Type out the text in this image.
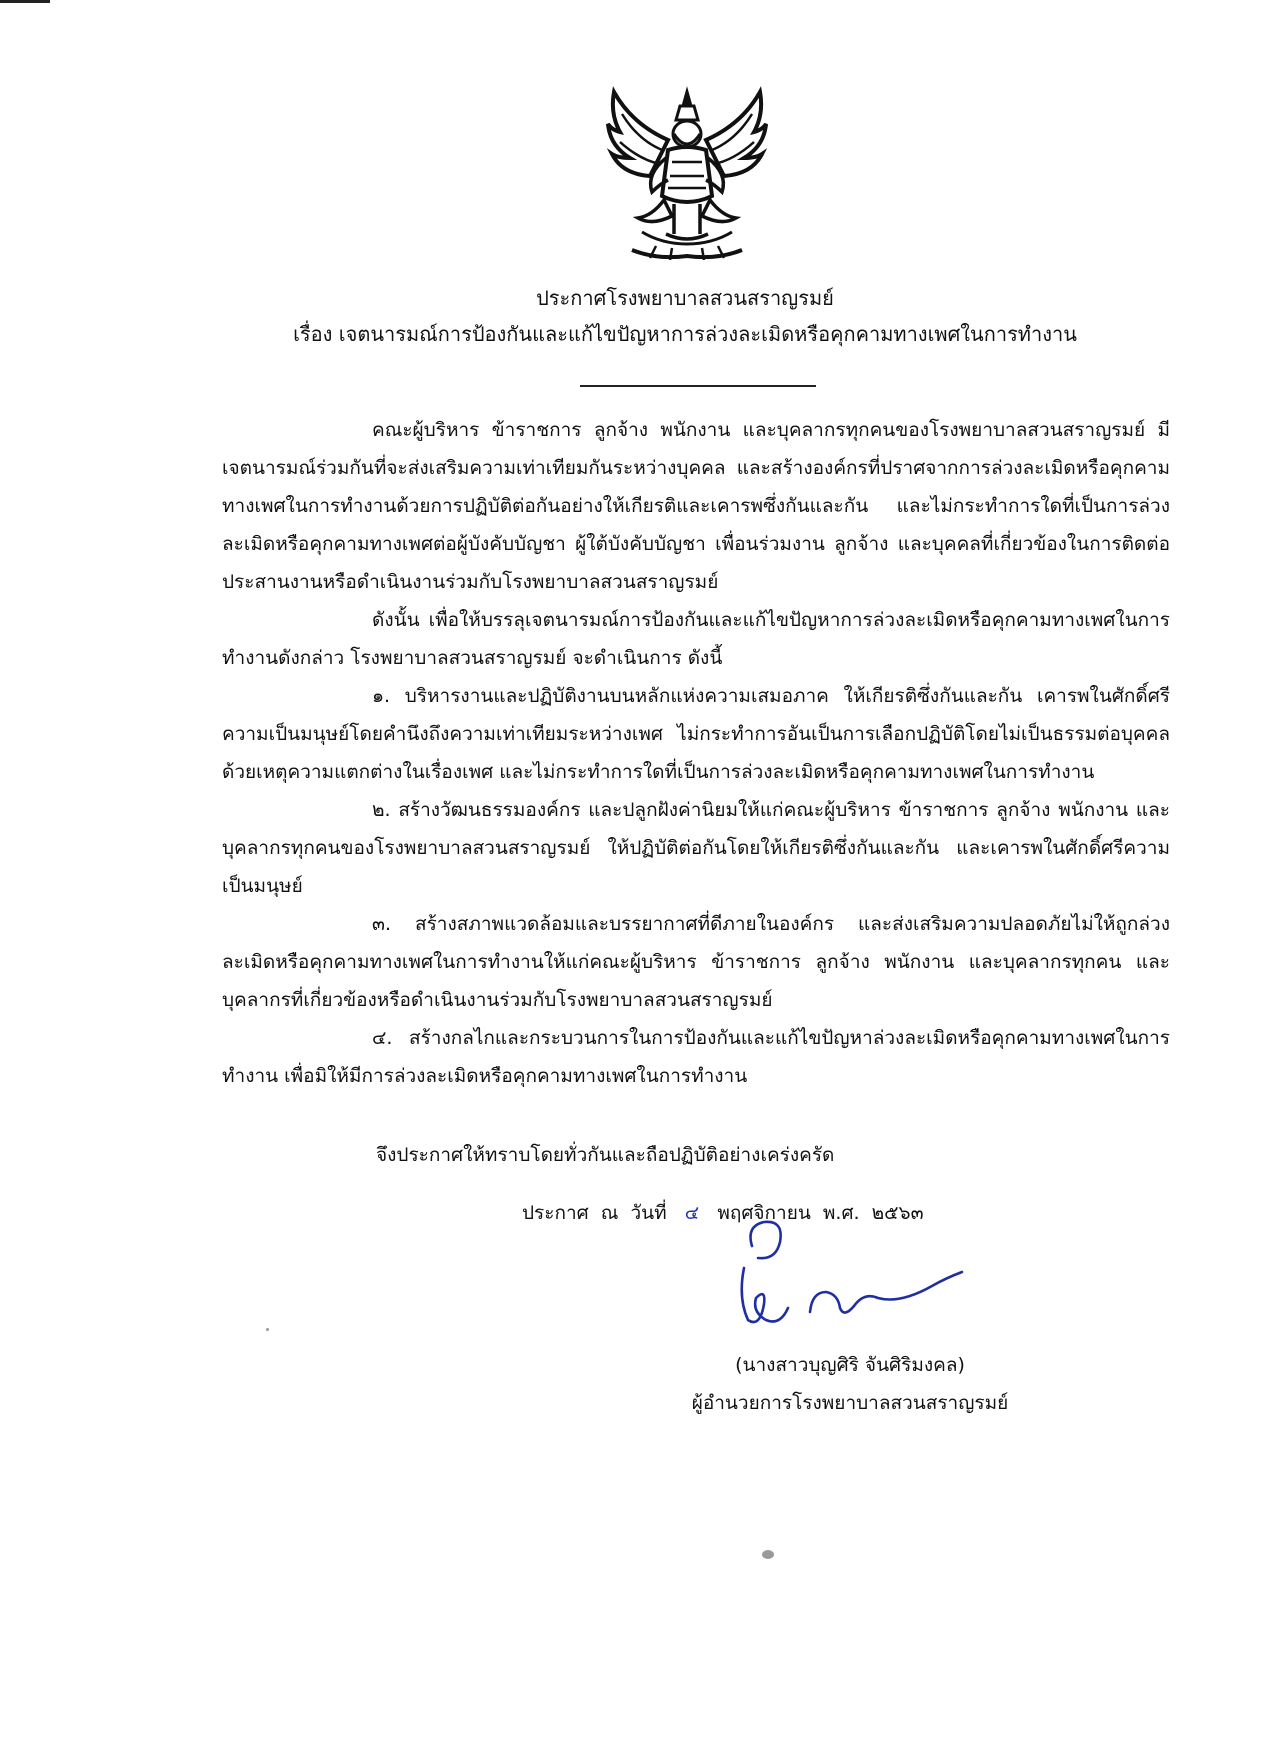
ประกาศโรงพยาบาลสวนสราญรมย์
เรื่อง เจตนารมณ์การป้องกันและแก้ไขปัญหาการล่วงละเมิดหรือคุกคามทางเพศในการทำงาน

คณะผู้บริหาร ข้าราชการ ลูกจ้าง พนักงาน และบุคลากรทุกคนของโรงพยาบาลสวนสราญรมย์ มีเจตนารมณ์ร่วมกันที่จะส่งเสริมความเท่าเทียมกันระหว่างบุคคล และสร้างองค์กรที่ปราศจากการล่วงละเมิดหรือคุกคามทางเพศในการทำงานด้วยการปฏิบัติต่อกันอย่างให้เกียรติและเคารพซึ่งกันและกัน และไม่กระทำการใดที่เป็นการล่วงละเมิดหรือคุกคามทางเพศต่อผู้บังคับบัญชา ผู้ใต้บังคับบัญชา เพื่อนร่วมงาน ลูกจ้าง และบุคคลที่เกี่ยวข้องในการติดต่อประสานงานหรือดำเนินงานร่วมกับโรงพยาบาลสวนสราญรมย์

ดังนั้น เพื่อให้บรรลุเจตนารมณ์การป้องกันและแก้ไขปัญหาการล่วงละเมิดหรือคุกคามทางเพศในการทำงานดังกล่าว โรงพยาบาลสวนสราญรมย์ จะดำเนินการ ดังนี้

๑. บริหารงานและปฏิบัติงานบนหลักแห่งความเสมอภาค ให้เกียรติซึ่งกันและกัน เคารพในศักดิ์ศรีความเป็นมนุษย์โดยคำนึงถึงความเท่าเทียมระหว่างเพศ ไม่กระทำการอันเป็นการเลือกปฏิบัติโดยไม่เป็นธรรมต่อบุคคลด้วยเหตุความแตกต่างในเรื่องเพศ และไม่กระทำการใดที่เป็นการล่วงละเมิดหรือคุกคามทางเพศในการทำงาน

๒. สร้างวัฒนธรรมองค์กร และปลูกฝังค่านิยมให้แก่คณะผู้บริหาร ข้าราชการ ลูกจ้าง พนักงาน และบุคลากรทุกคนของโรงพยาบาลสวนสราญรมย์ ให้ปฏิบัติต่อกันโดยให้เกียรติซึ่งกันและกัน และเคารพในศักดิ์ศรีความเป็นมนุษย์

๓. สร้างสภาพแวดล้อมและบรรยากาศที่ดีภายในองค์กร และส่งเสริมความปลอดภัยไม่ให้ถูกล่วงละเมิดหรือคุกคามทางเพศในการทำงานให้แก่คณะผู้บริหาร ข้าราชการ ลูกจ้าง พนักงาน และบุคลากรทุกคน และบุคลากรที่เกี่ยวข้องหรือดำเนินงานร่วมกับโรงพยาบาลสวนสราญรมย์

๔. สร้างกลไกและกระบวนการในการป้องกันและแก้ไขปัญหาล่วงละเมิดหรือคุกคามทางเพศในการทำงาน เพื่อมิให้มีการล่วงละเมิดหรือคุกคามทางเพศในการทำงาน

จึงประกาศให้ทราบโดยทั่วกันและถือปฏิบัติอย่างเคร่งครัด
ประกาศ  ณ  วันที่ ๔ พฤศจิกายน  พ.ศ.  ๒๕๖๓
(นางสาวบุญศิริ จันศิริมงคล)
ผู้อำนวยการโรงพยาบาลสวนสราญรมย์
